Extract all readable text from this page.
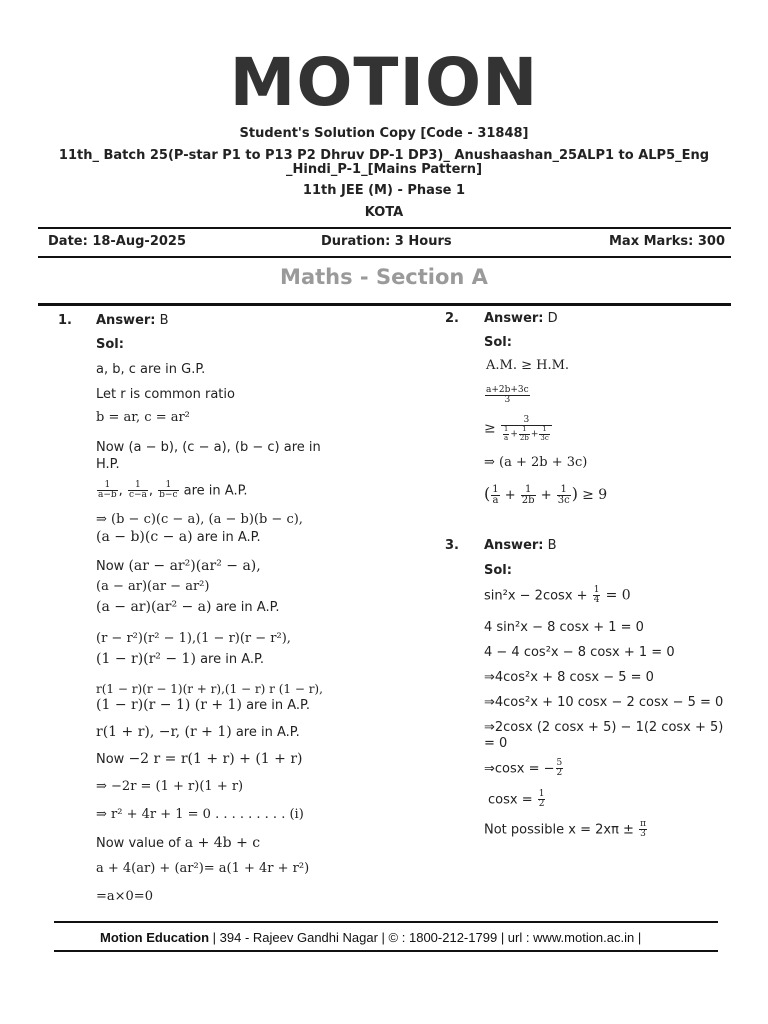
MOTION
Student's Solution Copy [Code - 31848]
11th_ Batch 25(P-star P1 to P13 P2 Dhruv DP-1 DP3)_ Anushaashan_25ALP1 to ALP5_Eng
_Hindi_P-1_[Mains Pattern]
11th JEE (M) - Phase 1
KOTA
Date: 18-Aug-2025	Duration: 3 Hours	Max Marks: 300
Maths - Section A
1. Answer: B
Sol:
a, b, c are in G.P.
Let r is common ratio
b = ar, c = ar²
Now (a − b), (c − a), (b − c) are in
H.P.
$\frac{1}{a-b}$ , $\frac{1}{c-a}$ , $\frac{1}{b-c}$ are in A.P.
⇒ (b − c)(c − a), (a − b)(b − c),
(a − b)(c − a) are in A.P.
Now (ar − ar²)(ar² − a),
(a − ar)(ar − ar²)
(a − ar)(ar² − a) are in A.P.
(r − r²)(r² − 1),(1 − r)(r − r²),
(1 − r)(r² − 1) are in A.P.
r(1 − r)(r − 1)(r + r),(1 − r) r (1 − r),
(1 − r)(r − 1) (r + 1) are in A.P.
r(1 + r), −r, (r + 1) are in A.P.
Now −2 r = r(1 + r) + (1 + r)
⇒ −2r = (1 + r)(1 + r)
⇒ r² + 4r + 1 = 0 . . . . . . . . . (i)
Now value of a + 4b + c
a + 4(ar) + (ar²)= a(1 + 4r + r²)
=a×0=0
2. Answer: D
Sol:
A.M. ≥ H.M.
$\frac{a+2b+3c}{3}$
≥ $\frac{3}{\frac{1}{a} + \frac{1}{2b} + \frac{1}{3c}}$
⇒ (a + 2b + 3c)
( $\frac{1}{a} + \frac{1}{2b} + \frac{1}{3c}$ ) ≥ 9
3. Answer: B
Sol:
$\sin^2x - 2\cos x + \frac{1}{4} = 0$
4 sin²x − 8 cosx + 1 = 0
4 − 4 cos²x − 8 cosx + 1 = 0
⇒4cos²x + 8 cosx − 5 = 0
⇒4cos²x + 10 cosx − 2 cosx − 5 = 0
⇒2cosx (2 cosx + 5) − 1(2 cosx + 5)
= 0
⇒cosx = − $\frac{5}{2}$
$\cos x = \frac{1}{2}$
Not possible $x = 2x\pi \pm \frac{\pi}{3}$
Motion Education | 394 - Rajeev Gandhi Nagar | © : 1800-212-1799 | url : www.motion.ac.in |
